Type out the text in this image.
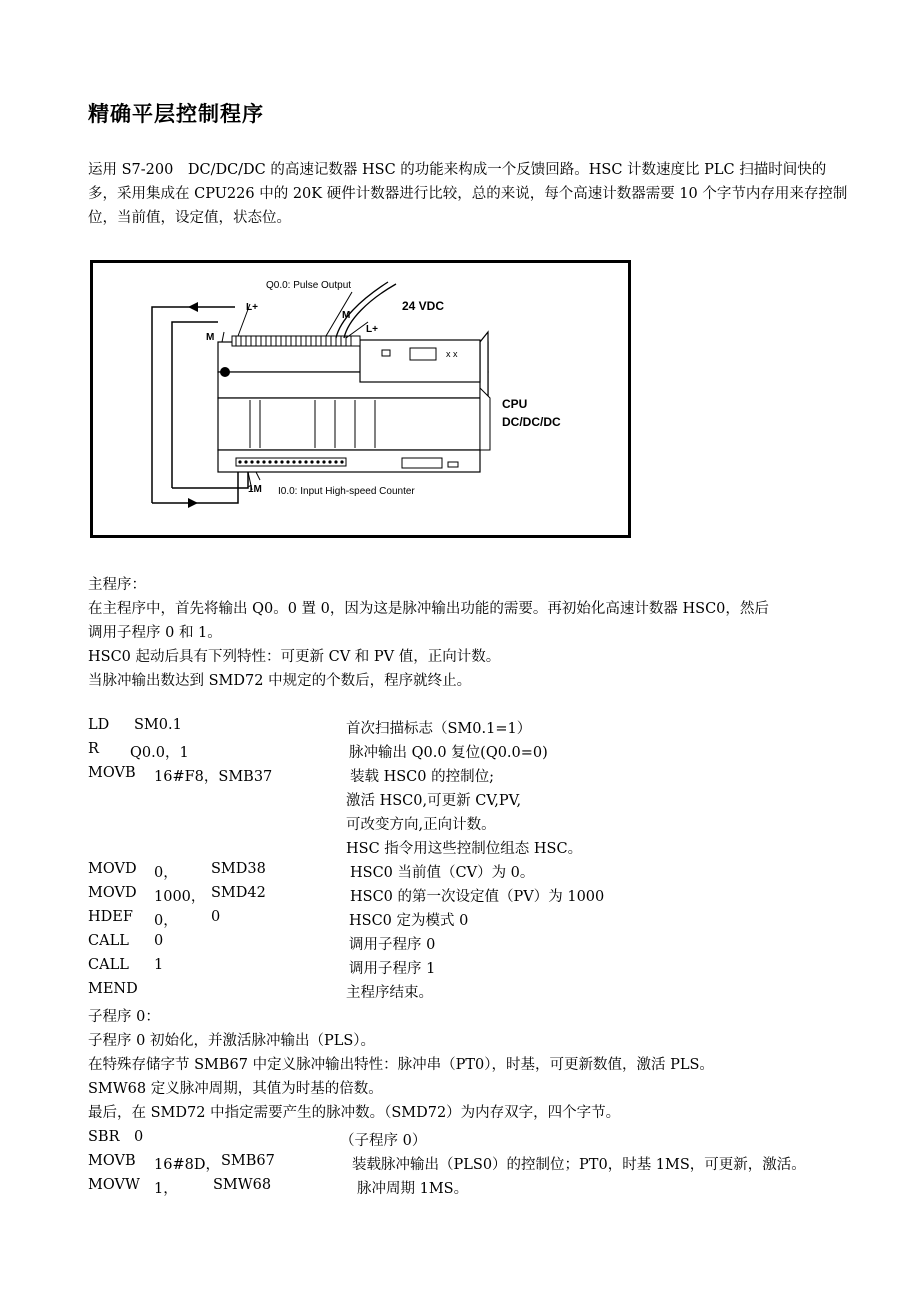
精确平层控制程序
运用 S7-200　DC/DC/DC 的高速记数器 HSC 的功能来构成一个反馈回路。HSC 计数速度比 PLC 扫描时间快的多，采用集成在 CPU226 中的 20K 硬件计数器进行比较，总的来说，每个高速计数器需要 10 个字节内存用来存控制位，当前值，设定值，状态位。
x x
Q0.0: Pulse Output
24 VDC
M
L+
M
L+
CPU
DC/DC/DC
1M I0.0: Input High-speed Counter
主程序：
在主程序中，首先将输出 Q0。0 置 0，因为这是脉冲输出功能的需要。再初始化高速计数器 HSC0，然后
调用子程序 0 和 1。
HSC0 起动后具有下列特性：可更新 CV 和 PV 值，正向计数。
当脉冲输出数达到 SMD72 中规定的个数后，程序就终止。
LD SM0.1	首次扫描标志（SM0.1=1）
R Q0.0，1	脉冲输出 Q0.0 复位(Q0.0=0)
MOVB 16#F8，SMB37	装载 HSC0 的控制位;
激活 HSC0,可更新 CV,PV,
可改变方向,正向计数。
HSC 指令用这些控制位组态 HSC。
MOVD 0， SMD38	HSC0 当前值（CV）为 0。
MOVD 1000， SMD42	HSC0 的第一次设定值（PV）为 1000
HDEF 0， 0	HSC0 定为模式 0
CALL 0	调用子程序 0
CALL 1	调用子程序 1
MEND	主程序结束。
子程序 0：
子程序 0 初始化，并激活脉冲输出（PLS）。
在特殊存储字节 SMB67 中定义脉冲输出特性：脉冲串（PT0），时基，可更新数值，激活 PLS。
SMW68 定义脉冲周期，其值为时基的倍数。
最后，在 SMD72 中指定需要产生的脉冲数。（SMD72）为内存双字，四个字节。
SBR 0	（子程序 0）
MOVB 16#8D， SMB67	装载脉冲输出（PLS0）的控制位；PT0，时基 1MS，可更新，激活。
MOVW 1， SMW68	脉冲周期 1MS。
